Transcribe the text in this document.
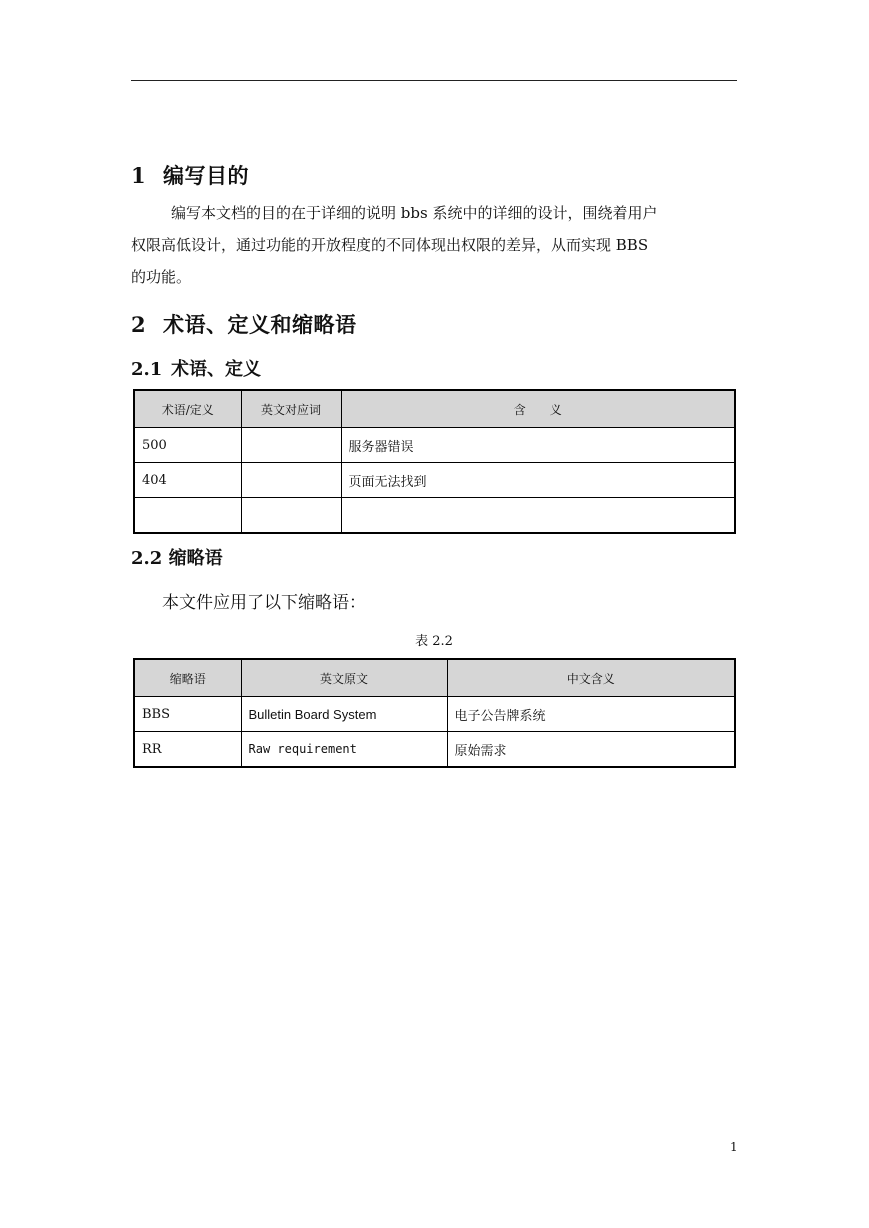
1 编写目的
编写本文档的目的在于详细的说明 bbs 系统中的详细的设计，围绕着用户
权限高低设计，通过功能的开放程度的不同体现出权限的差异，从而实现 BBS
的功能。
2 术语、定义和缩略语
2.1 术语、定义
术语/定义	英文对应词	含　　义
500		服务器错误
404		页面无法找到

2.2 缩略语
本文件应用了以下缩略语：
表 2.2
缩略语	英文原文	中文含义
BBS	Bulletin Board System	电子公告牌系统
RR	Raw requirement	原始需求
1
